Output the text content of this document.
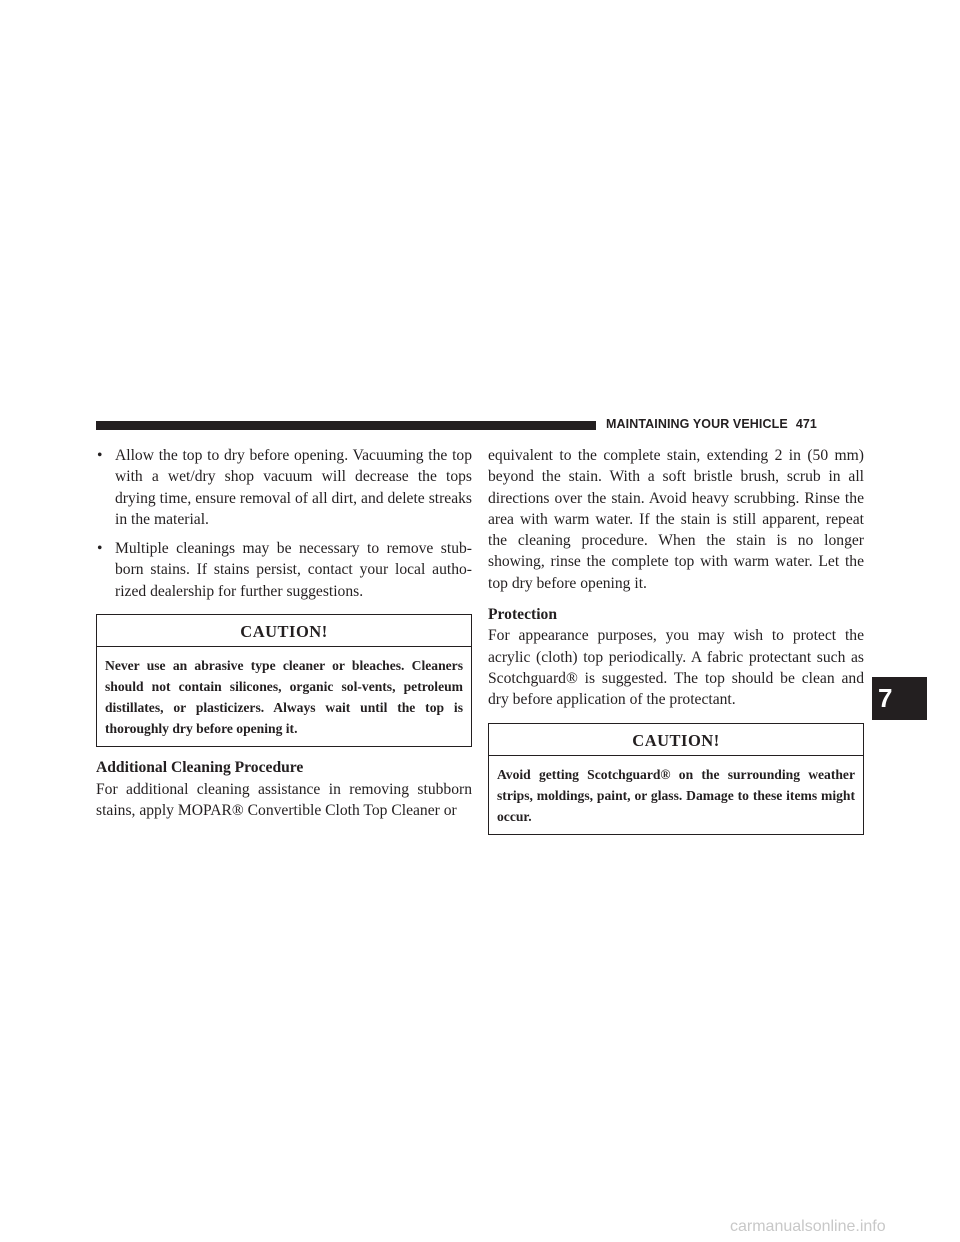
MAINTAINING YOUR VEHICLE 471
• Allow the top to dry before opening. Vacuuming the top with a wet/dry shop vacuum will decrease the tops drying time, ensure removal of all dirt, and delete streaks in the material.
• Multiple cleanings may be necessary to remove stub-born stains. If stains persist, contact your local autho-rized dealership for further suggestions.
CAUTION!
Never use an abrasive type cleaner or bleaches. Cleaners should not contain silicones, organic sol-vents, petroleum distillates, or plasticizers. Always wait until the top is thoroughly dry before opening it.

Additional Cleaning Procedure

For additional cleaning assistance in removing stubborn stains, apply MOPAR® Convertible Cloth Top Cleaner or

equivalent to the complete stain, extending 2 in (50 mm) beyond the stain. With a soft bristle brush, scrub in all directions over the stain. Avoid heavy scrubbing. Rinse the area with warm water. If the stain is still apparent, repeat the cleaning procedure. When the stain is no longer showing, rinse the complete top with warm water. Let the top dry before opening it.

Protection

For appearance purposes, you may wish to protect the acrylic (cloth) top periodically. A fabric protectant such as Scotchguard® is suggested. The top should be clean and dry before application of the protectant.

CAUTION!
Avoid getting Scotchguard® on the surrounding weather strips, moldings, paint, or glass. Damage to these items might occur.
7
carmanualsonline.info
